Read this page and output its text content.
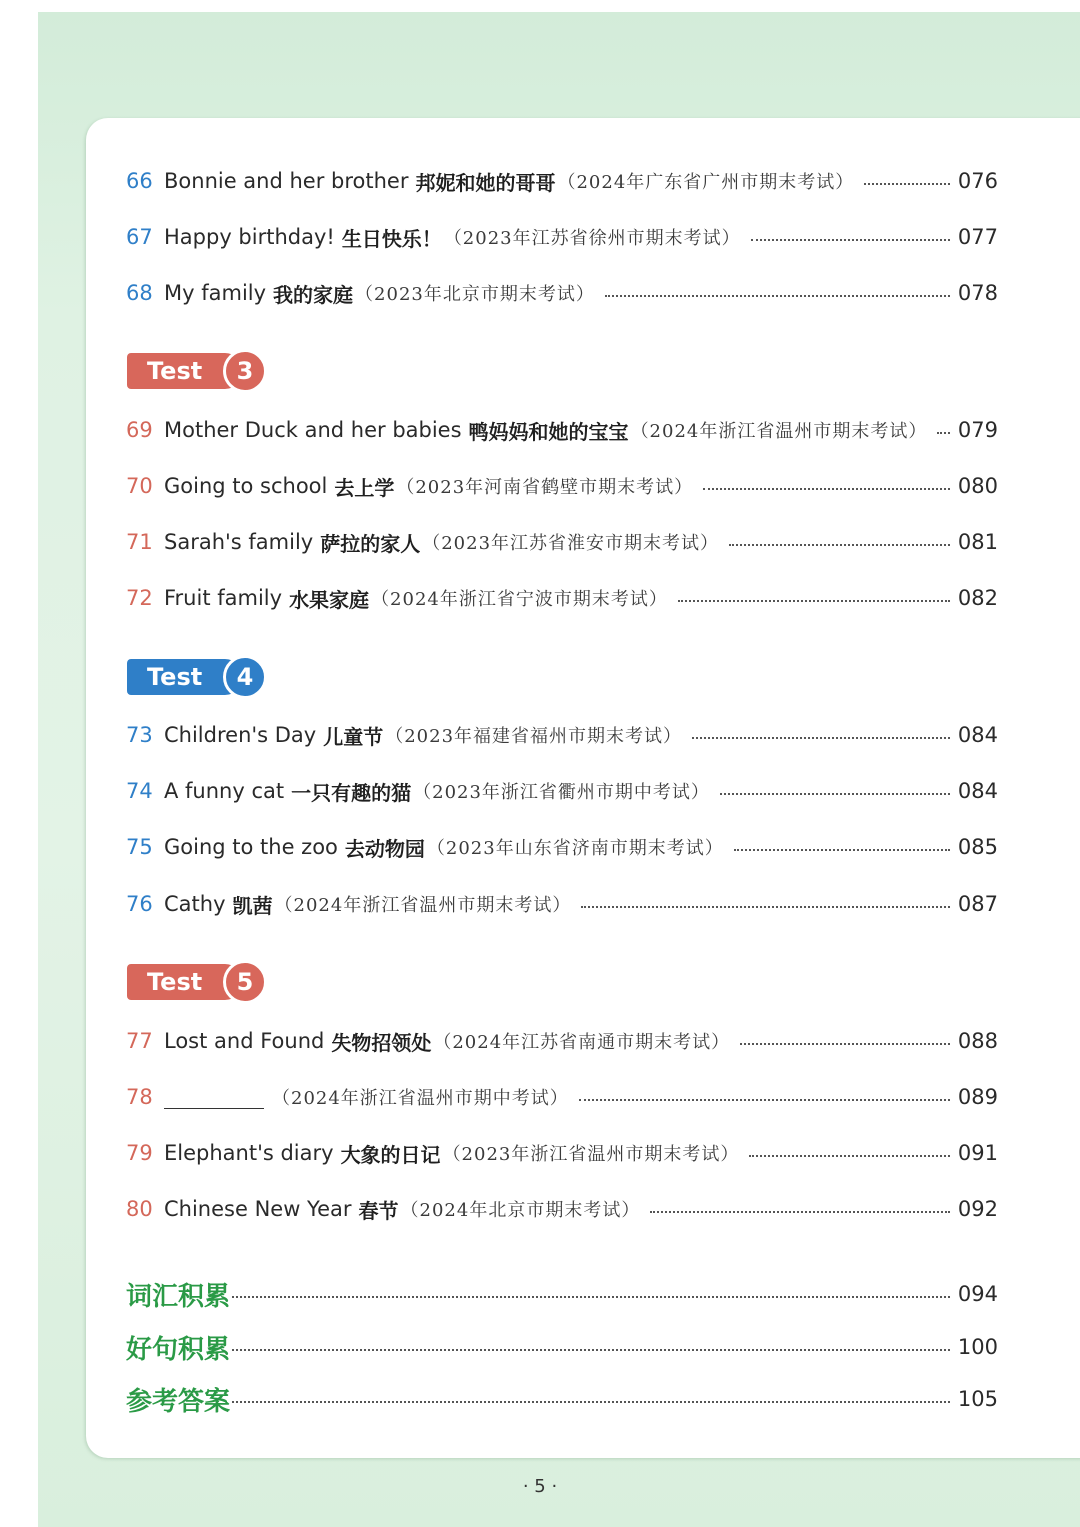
66 Bonnie and her brother 邦妮和她的哥哥 （2024年广东省广州市期末考试）	076
67 Happy birthday! 生日快乐！ （2023年江苏省徐州市期末考试）	077
68 My family 我的家庭 （2023年北京市期末考试）	078
Test	3
69 Mother Duck and her babies 鸭妈妈和她的宝宝 （2024年浙江省温州市期末考试） 079
70 Going to school 去上学 （2023年河南省鹤壁市期末考试）	080
71 Sarah's family 萨拉的家人 （2023年江苏省淮安市期末考试）	081
72 Fruit family 水果家庭 （2024年浙江省宁波市期末考试）	082
Test	4
73 Children's Day 儿童节 （2023年福建省福州市期末考试）	084
74 A funny cat 一只有趣的猫 （2023年浙江省衢州市期中考试）	084
75 Going to the zoo 去动物园 （2023年山东省济南市期末考试）	085
76 Cathy 凯茜 （2024年浙江省温州市期末考试）	087
Test	5
77 Lost and Found 失物招领处 （2024年江苏省南通市期末考试）	088
78	（2024年浙江省温州市期中考试）	089
79 Elephant's diary 大象的日记 （2023年浙江省温州市期末考试）	091
80 Chinese New Year 春节 （2024年北京市期末考试）	092
词汇积累	094
好句积累	100
参考答案	105
· 5 ·
